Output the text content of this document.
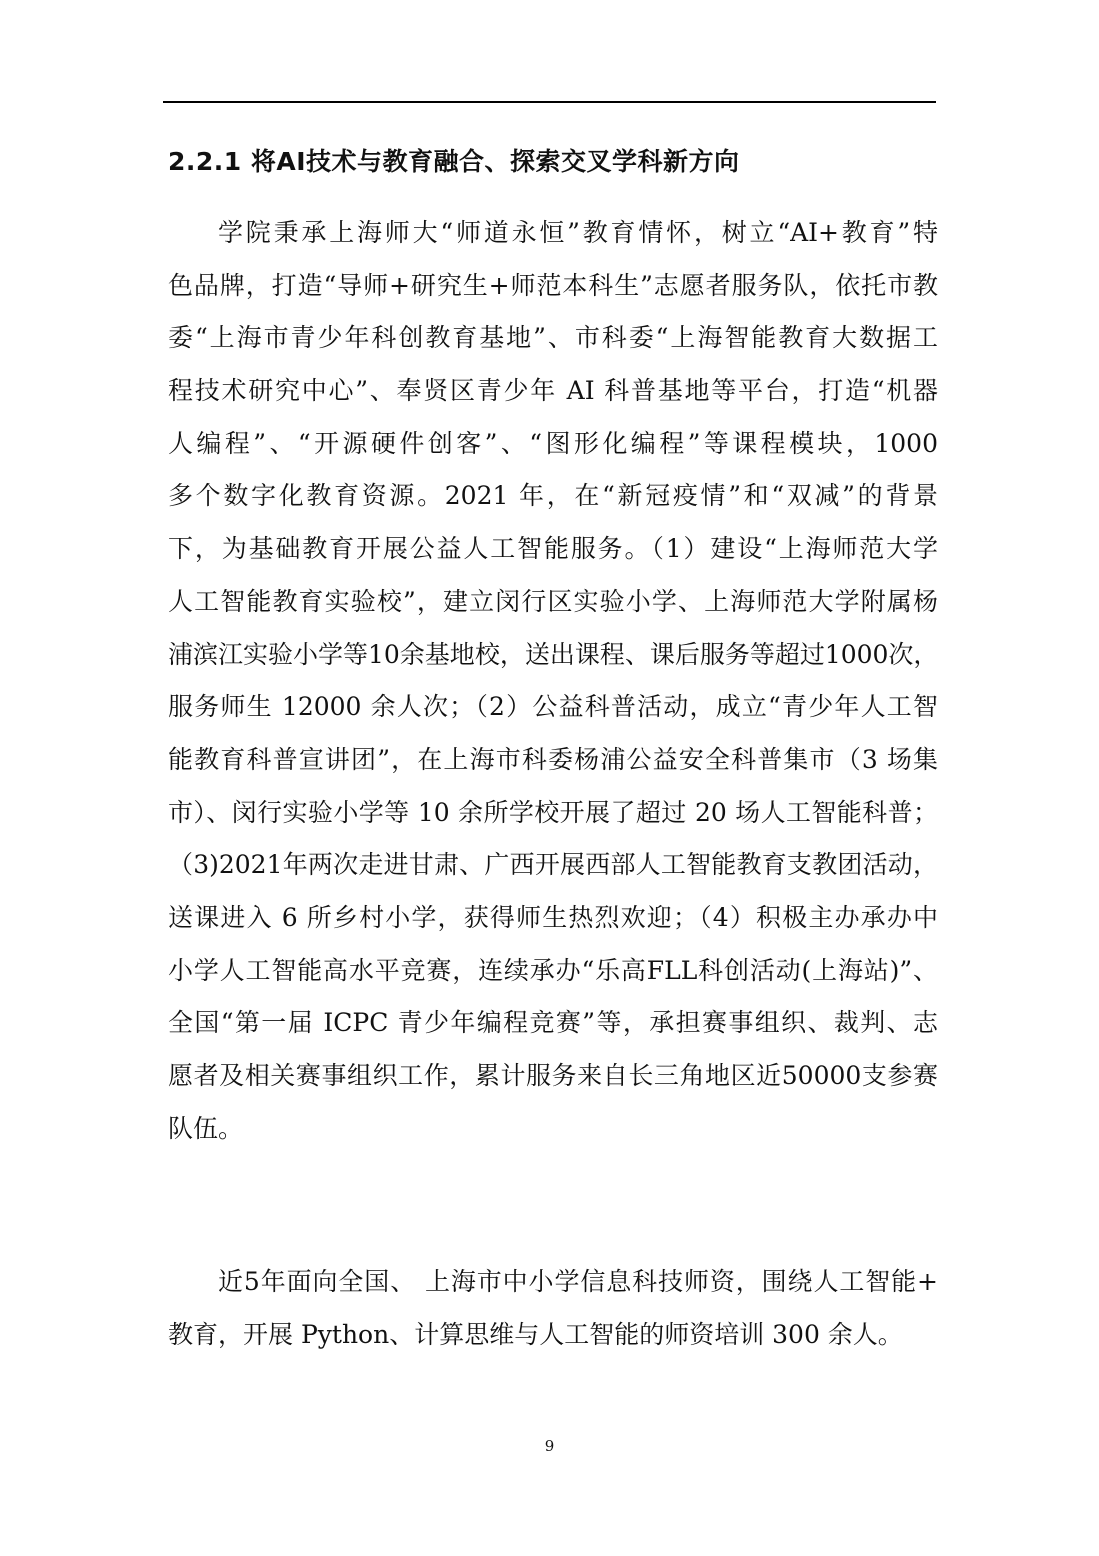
2.2.1 将AI技术与教育融合、探索交叉学科新方向
学院秉承上海师大“师道永恒”教育情怀，树立“AI+教育”特
色品牌，打造“导师+研究生+师范本科生”志愿者服务队，依托市教
委“上海市青少年科创教育基地”、市科委“上海智能教育大数据工
程技术研究中心”、奉贤区青少年 AI 科普基地等平台，打造“机器
人编程”、“开源硬件创客”、“图形化编程”等课程模块，1000
多个数字化教育资源。2021 年，在“新冠疫情”和“双减”的背景
下，为基础教育开展公益人工智能服务。（1）建设“上海师范大学
人工智能教育实验校”，建立闵行区实验小学、上海师范大学附属杨
浦滨江实验小学等10余基地校，送出课程、课后服务等超过1000次，
服务师生 12000 余人次；（2）公益科普活动，成立“青少年人工智
能教育科普宣讲团”，在上海市科委杨浦公益安全科普集市（3 场集
市）、闵行实验小学等 10 余所学校开展了超过 20 场人工智能科普；
（3)2021年两次走进甘肃、广西开展西部人工智能教育支教团活动，
送课进入 6 所乡村小学，获得师生热烈欢迎；（4）积极主办承办中
小学人工智能高水平竞赛，连续承办“乐高FLL科创活动(上海站)”、
全国“第一届 ICPC 青少年编程竞赛”等，承担赛事组织、裁判、志
愿者及相关赛事组织工作，累计服务来自长三角地区近50000支参赛
队伍。
近5年面向全国、 上海市中小学信息科技师资，围绕人工智能+
教育，开展 Python、计算思维与人工智能的师资培训 300 余人。
9
